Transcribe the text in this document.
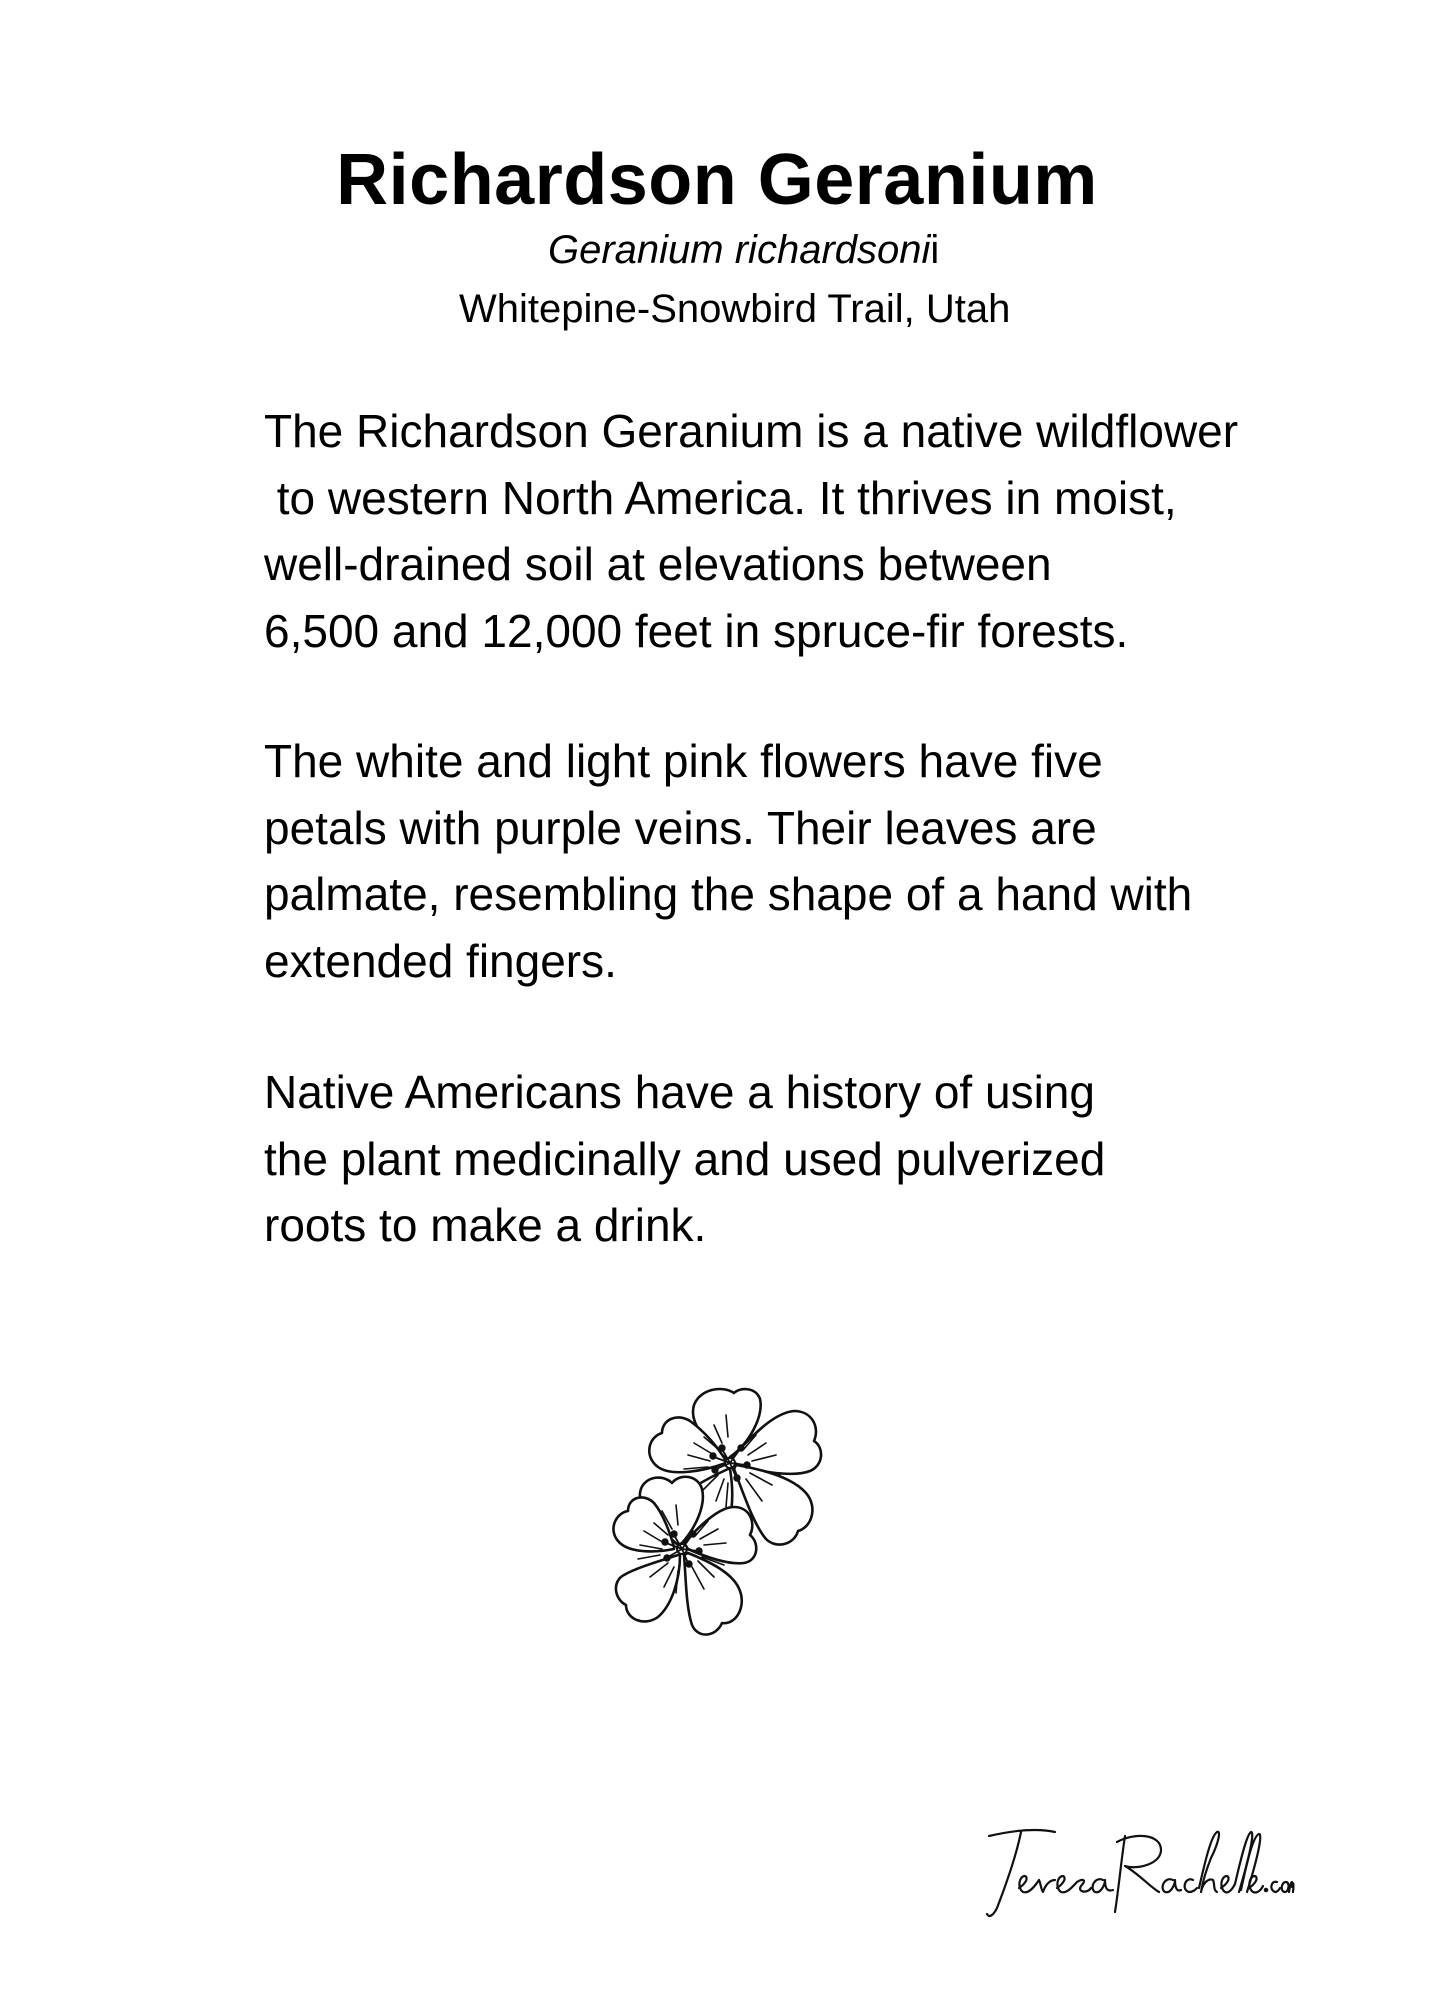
Richardson Geranium
Geranium richardsonii
Whitepine-Snowbird Trail, Utah
The Richardson Geranium is a native wildflower
to western North America. It thrives in moist,
well-drained soil at elevations between
6,500 and 12,000 feet in spruce-fir forests.
The white and light pink flowers have five
petals with purple veins. Their leaves are
palmate, resembling the shape of a hand with
extended fingers.
Native Americans have a history of using
the plant medicinally and used pulverized
roots to make a drink.
